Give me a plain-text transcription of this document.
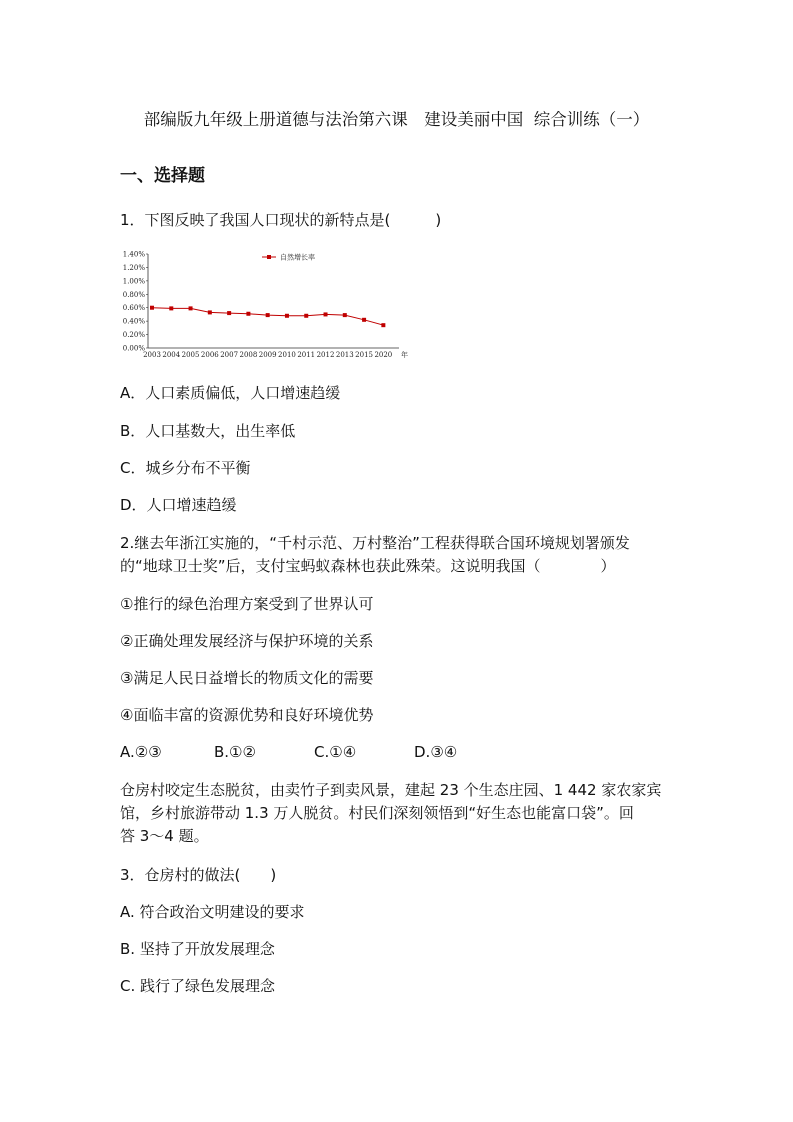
部编版九年级上册道德与法治第六课　建设美丽中国  综合训练（一）
一、选择题
1．下图反映了我国人口现状的新特点是(　　　)
0.00%
0.20%
0.40%
0.60%
0.80%
1.00%
1.20%
1.40%
2003 2004 2005 2006 2007 2008 2009 2010 2011 2012 2013 2015 2020 年
自然增长率
A．人口素质偏低，人口增速趋缓
B．人口基数大，出生率低
C．城乡分布不平衡
D．人口增速趋缓
2.继去年浙江实施的，“千村示范、万村整治”工程获得联合国环境规划署颁发
的“地球卫士奖”后，支付宝蚂蚁森林也获此殊荣。这说明我国（　　　　）
①推行的绿色治理方案受到了世界认可
②正确处理发展经济与保护环境的关系
③满足人民日益增长的物质文化的需要
④面临丰富的资源优势和良好环境优势
A.②③	B.①②	C.①④	D.③④
仓房村咬定生态脱贫，由卖竹子到卖风景，建起 23 个生态庄园、1 442 家农家宾
馆，乡村旅游带动 1.3 万人脱贫。村民们深刻领悟到“好生态也能富口袋”。回
答 3～4 题。
3．仓房村的做法(　　)
A. 符合政治文明建设的要求
B. 坚持了开放发展理念
C. 践行了绿色发展理念
